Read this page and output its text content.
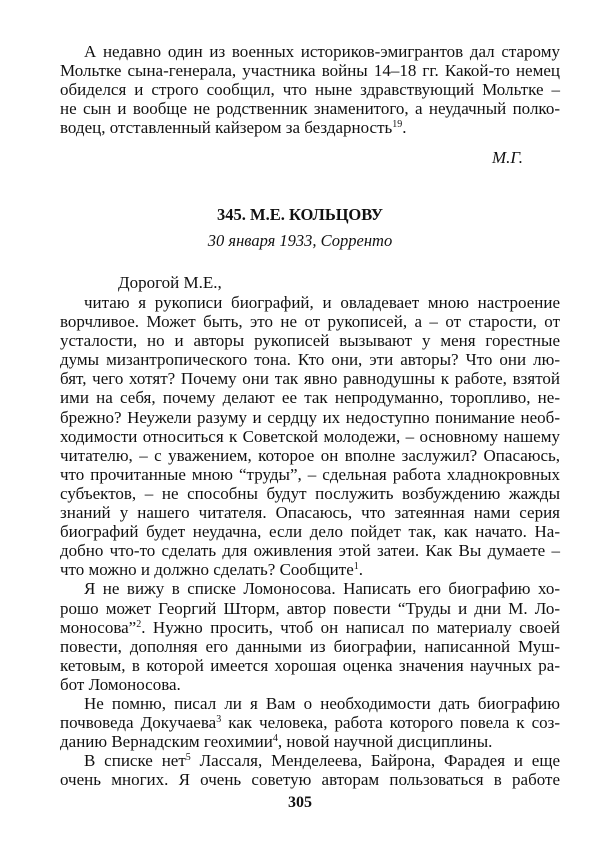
А недавно один из военных историков-эмигрантов дал старому
Мольтке сына-генерала, участника войны 14–18 гг. Какой-то немец
обиделся и строго сообщил, что ныне здравствующий Мольтке –
не сын и вообще не родственник знаменитого, а неудачный полко-
водец, отставленный кайзером за бездарность$^{19}$.
М.Г.
345. М.Е. КОЛЬЦОВУ
30 января 1933, Сорренто
Дорогой М.Е.,
читаю я рукописи биографий, и овладевает мною настроение
ворчливое. Может быть, это не от рукописей, а – от старости, от
усталости, но и авторы рукописей вызывают у меня горестные
думы мизантропического тона. Кто они, эти авторы? Что они лю-
бят, чего хотят? Почему они так явно равнодушны к работе, взятой
ими на себя, почему делают ее так непродуманно, торопливо, не-
брежно? Неужели разуму и сердцу их недоступно понимание необ-
ходимости относиться к Советской молодежи, – основному нашему
читателю, – с уважением, которое он вполне заслужил? Опасаюсь,
что прочитанные мною “труды”, – сдельная работа хладнокровных
субъектов, – не способны будут послужить возбуждению жажды
знаний у нашего читателя. Опасаюсь, что затеянная нами серия
биографий будет неудачна, если дело пойдет так, как начато. На-
добно что-то сделать для оживления этой затеи. Как Вы думаете –
что можно и должно сделать? Сообщите$^1$.
Я не вижу в списке Ломоносова. Написать его биографию хо-
рошо может Георгий Шторм, автор повести “Труды и дни М. Ло-
моносова”$^2$. Нужно просить, чтоб он написал по материалу своей
повести, дополняя его данными из биографии, написанной Муш-
кетовым, в которой имеется хорошая оценка значения научных ра-
бот Ломоносова.
Не помню, писал ли я Вам о необходимости дать биографию
почвоведа Докучаева$^3$ как человека, работа которого повела к соз-
данию Вернадским геохимии$^4$, новой научной дисциплины.
В списке нет$^5$ Лассаля, Менделеева, Байрона, Фарадея и еще
очень многих. Я очень советую авторам пользоваться в работе
305
